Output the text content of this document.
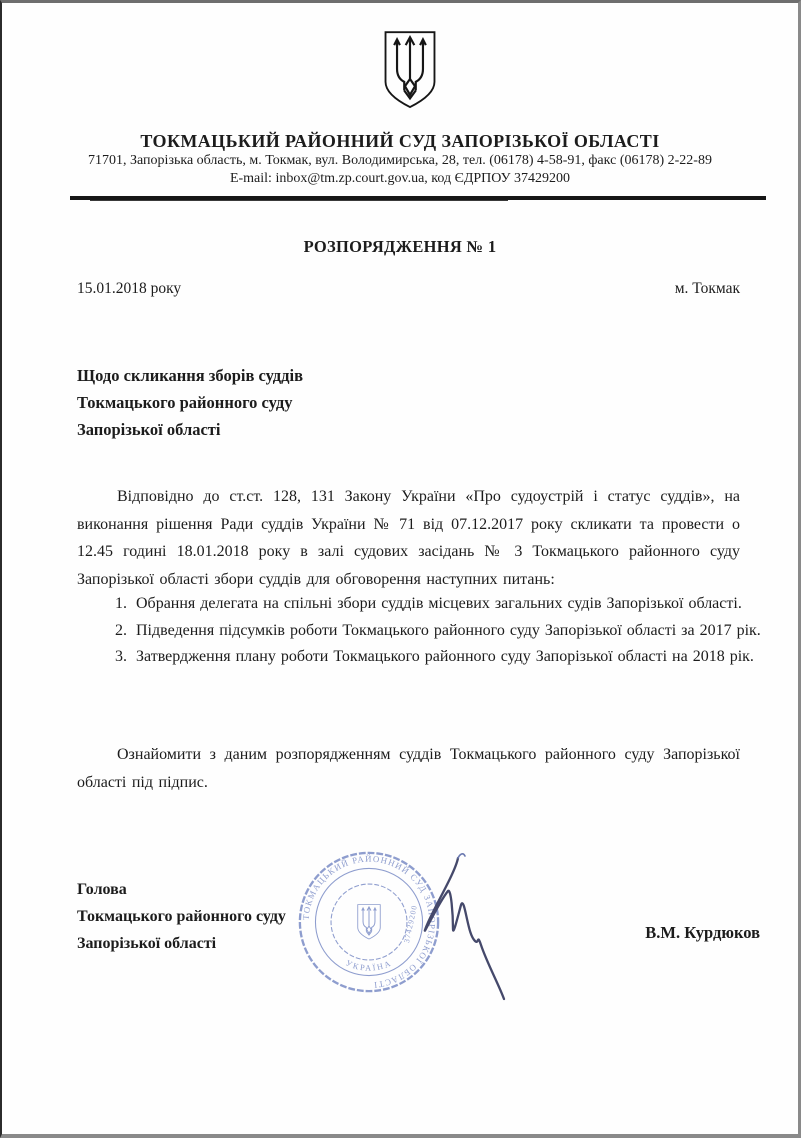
ТОКМАЦЬКИЙ РАЙОННИЙ СУД ЗАПОРІЗЬКОЇ ОБЛАСТІ
71701, Запорізька область, м. Токмак, вул. Володимирська, 28, тел. (06178) 4-58-91, факс (06178) 2-22-89
E-mail: inbox@tm.zp.court.gov.ua, код ЄДРПОУ 37429200
РОЗПОРЯДЖЕННЯ № 1
15.01.2018 року	м. Токмак
Щодо скликання зборів суддів
Токмацького районного суду
Запорізької області
Відповідно до ст.ст. 128, 131 Закону України «Про судоустрій і статус суддів», на виконання рішення Ради суддів України № 71 від 07.12.2017 року скликати та провести о 12.45 годині 18.01.2018 року в залі судових засідань № 3 Токмацького районного суду Запорізької області збори суддів для обговорення наступних питань:
1. Обрання делегата на спільні збори суддів місцевих загальних судів Запорізької області.
2. Підведення підсумків роботи Токмацького районного суду Запорізької області за 2017 рік.
3. Затвердження плану роботи Токмацького районного суду Запорізької області на 2018 рік.
Ознайомити з даним розпорядженням суддів Токмацького районного суду Запорізької області під підпис.
Голова
Токмацького районного суду
Запорізької області
В.М. Курдюков
ТОКМАЦЬКИЙ РАЙОННИЙ СУД ЗАПОРІЗЬКОЇ ОБЛАСТІ
УКРАЇНА
37429200
